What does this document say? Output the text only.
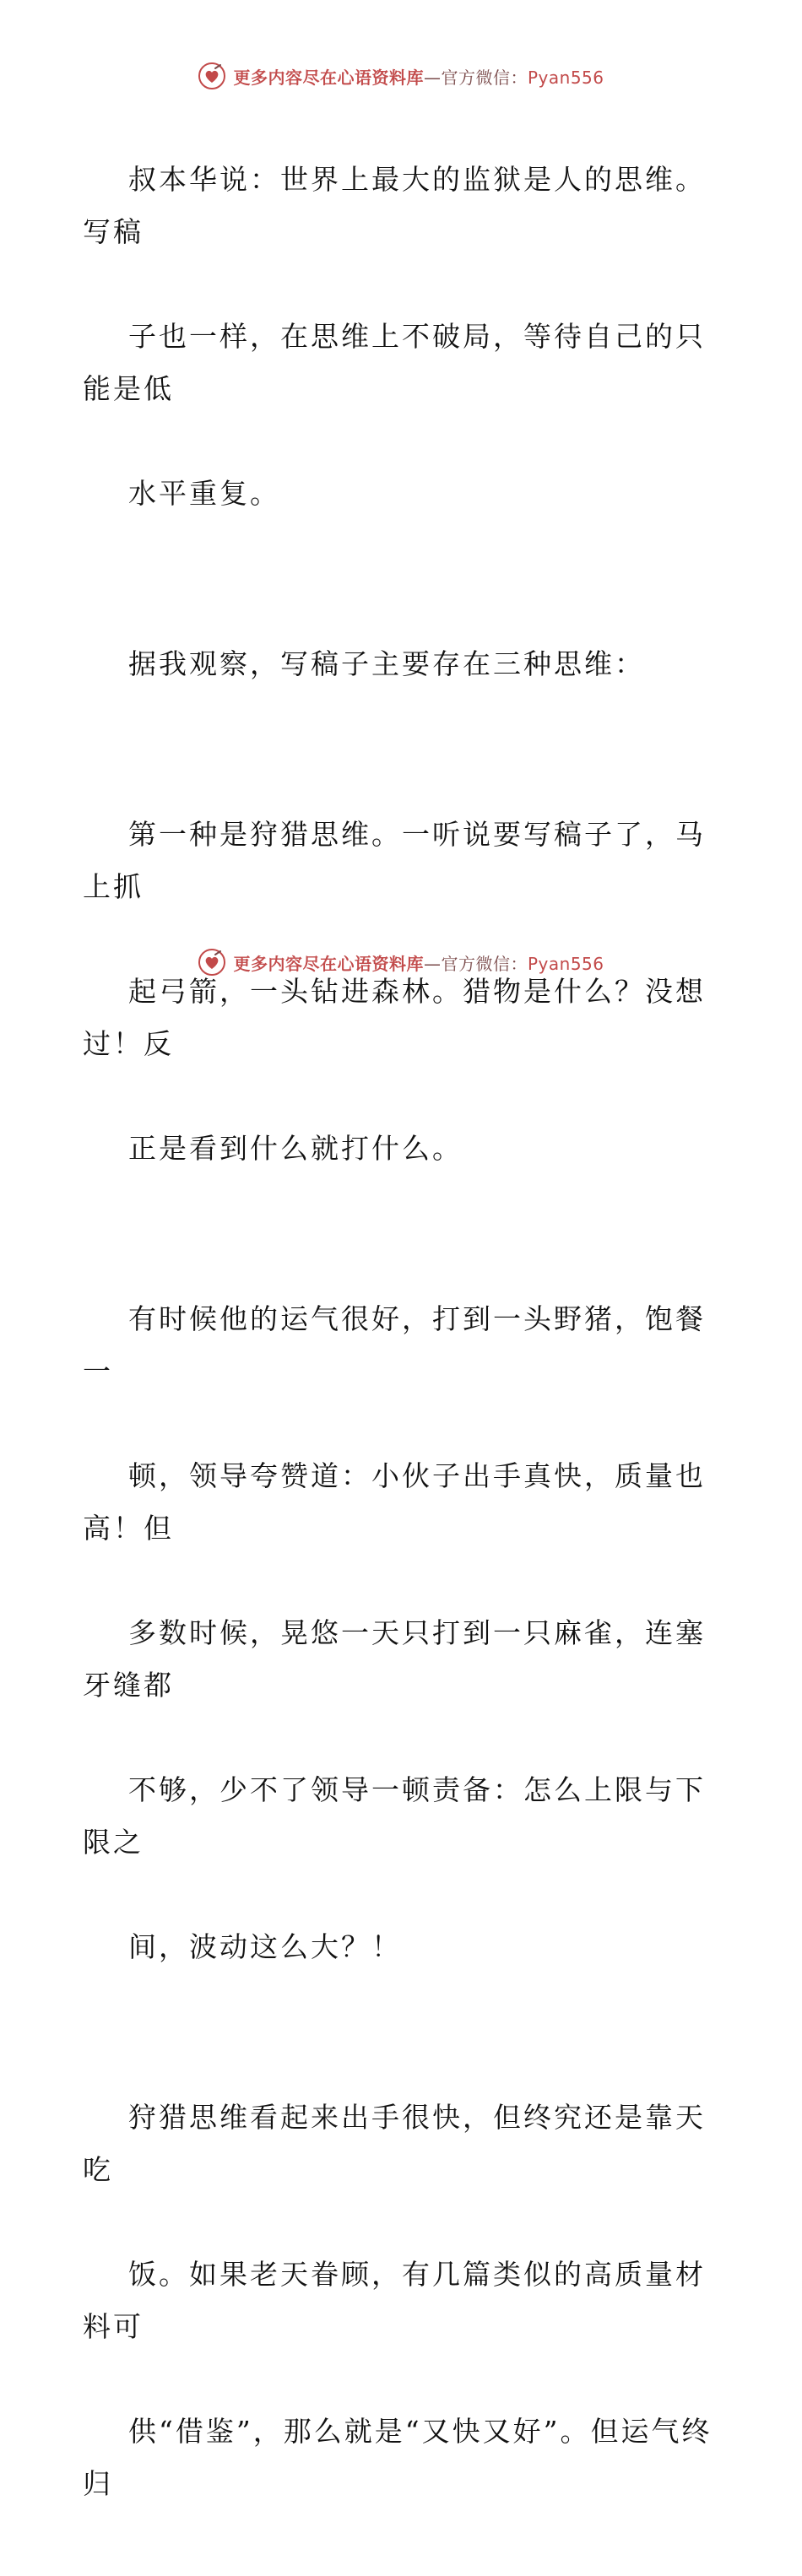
更多内容尽在心语资料库—官方微信：Pyan556

叔本华说：世界上最大的监狱是人的思维。写稿

子也一样，在思维上不破局，等待自己的只能是低

水平重复。

据我观察，写稿子主要存在三种思维：

第一种是狩猎思维。一听说要写稿子了，马上抓

起弓箭，一头钻进森林。猎物是什么？没想过！反

正是看到什么就打什么。

有时候他的运气很好，打到一头野猪，饱餐一

顿，领导夸赞道：小伙子出手真快，质量也高！但

多数时候，晃悠一天只打到一只麻雀，连塞牙缝都

不够，少不了领导一顿责备：怎么上限与下限之

间，波动这么大？！

狩猎思维看起来出手很快，但终究还是靠天吃

饭。如果老天眷顾，有几篇类似的高质量材料可

供“借鉴”，那么就是“又快又好”。但运气终归

更多内容尽在心语资料库—官方微信：Pyan556
